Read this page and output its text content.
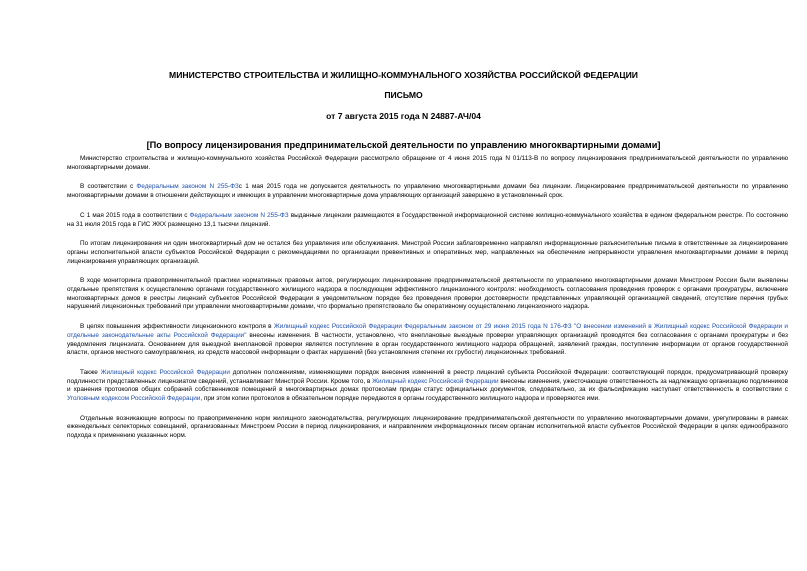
МИНИСТЕРСТВО СТРОИТЕЛЬСТВА И ЖИЛИЩНО-КОММУНАЛЬНОГО ХОЗЯЙСТВА РОССИЙСКОЙ ФЕДЕРАЦИИ
ПИСЬМО
от 7 августа 2015 года N 24887-АЧ/04
[По вопросу лицензирования предпринимательской деятельности по управлению многоквартирными домами]

Министерство строительства и жилищно-коммунального хозяйства Российской Федерации рассмотрело обращение от 4 июня 2015 года N 01/113-В по вопросу лицензирования предпринимательской деятельности по управлению многоквартирными домами.

В соответствии с Федеральным законом N 255-ФЗс 1 мая 2015 года не допускается деятельность по управлению многоквартирными домами без лицензии. Лицензирование предпринимательской деятельности по управлению многоквартирными домами в отношении действующих и имеющих в управлении многоквартирные дома управляющих организаций завершено в установленный срок.

С 1 мая 2015 года в соответствии с Федеральным законом N 255-ФЗ выданные лицензии размещаются в Государственной информационной системе жилищно-коммунального хозяйства в едином федеральном реестре. По состоянию на 31 июля 2015 года в ГИС ЖКХ размещено 13,1 тысячи лицензий.

По итогам лицензирования ни один многоквартирный дом не остался без управления или обслуживания. Минстрой России заблаговременно направлял информационные разъяснительные письма в ответственные за лицензирование органы исполнительной власти субъектов Российской Федерации с рекомендациями по организации превентивных и оперативных мер, направленных на обеспечение непрерывности управления многоквартирными домами в период лицензирования управляющих организаций.

В ходе мониторинга правоприменительной практики нормативных правовых актов, регулирующих лицензирование предпринимательской деятельности по управлению многоквартирными домами Минстроем России были выявлены отдельные препятствия к осуществлению органами государственного жилищного надзора в последующем эффективного лицензионного контроля: необходимость согласования проведения проверок с органами прокуратуры, включение многоквартирных домов в реестры лицензий субъектов Российской Федерации в уведомительном порядке без проведения проверки достоверности представленных управляющей организацией сведений, отсутствие перечня грубых нарушений лицензионных требований при управлении многоквартирными домами, что формально препятствовало бы оперативному осуществлению лицензионного надзора.

В целях повышения эффективности лицензионного контроля в Жилищный кодекс Российской Федерации Федеральным законом от 29 июня 2015 года N 176-ФЗ "О внесении изменений в Жилищный кодекс Российской Федерации и отдельные законодательные акты Российской Федерации" внесены изменения. В частности, установлено, что внеплановые выездные проверки управляющих организаций проводятся без согласования с органами прокуратуры и без уведомления лицензиата. Основанием для выездной внеплановой проверки является поступление в орган государственного жилищного надзора обращений, заявлений граждан, поступление информации от органов государственной власти, органов местного самоуправления, из средств массовой информации о фактах нарушений (без установления степени их грубости) лицензионных требований.

Также Жилищный кодекс Российской Федерации дополнен положениями, изменяющими порядок внесения изменений в реестр лицензий субъекта Российской Федерации: соответствующий порядок, предусматривающий проверку подлинности представленных лицензиатом сведений, устанавливает Минстрой России. Кроме того, в Жилищный кодекс Российской Федерации внесены изменения, ужесточающие ответственность за надлежащую организацию подлинников и хранения протоколов общих собраний собственников помещений в многоквартирных домах протоколам придан статус официальных документов, следовательно, за их фальсификацию наступает ответственность в соответствии с Уголовным кодексом Российской Федерации, при этом копии протоколов в обязательном порядке передаются в органы государственного жилищного надзора и проверяются ими.

Отдельные возникающие вопросы по правоприменению норм жилищного законодательства, регулирующих лицензирование предпринимательской деятельности по управлению многоквартирными домами, урегулированы в рамках еженедельных селекторных совещаний, организованных Минстроем России в период лицензирования, и направлением информационных писем органам исполнительной власти субъектов Российской Федерации в целях единообразного подхода к применению указанных норм.
